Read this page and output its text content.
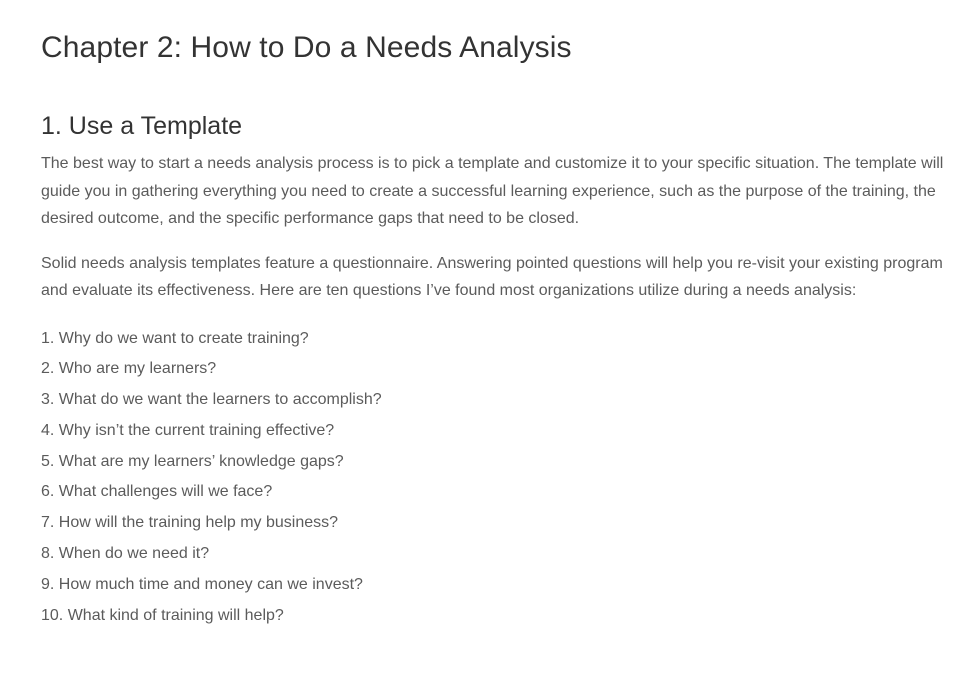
Chapter 2: How to Do a Needs Analysis
1. Use a Template

The best way to start a needs analysis process is to pick a template and customize it to your specific situation. The template will guide you in gathering everything you need to create a successful learning experience, such as the purpose of the training, the desired outcome, and the specific performance gaps that need to be closed.

Solid needs analysis templates feature a questionnaire. Answering pointed questions will help you re-visit your existing program and evaluate its effectiveness. Here are ten questions I’ve found most organizations utilize during a needs analysis:

1. Why do we want to create training?
2. Who are my learners?
3. What do we want the learners to accomplish?
4. Why isn’t the current training effective?
5. What are my learners’ knowledge gaps?
6. What challenges will we face?
7. How will the training help my business?
8. When do we need it?
9. How much time and money can we invest?
10. What kind of training will help?
